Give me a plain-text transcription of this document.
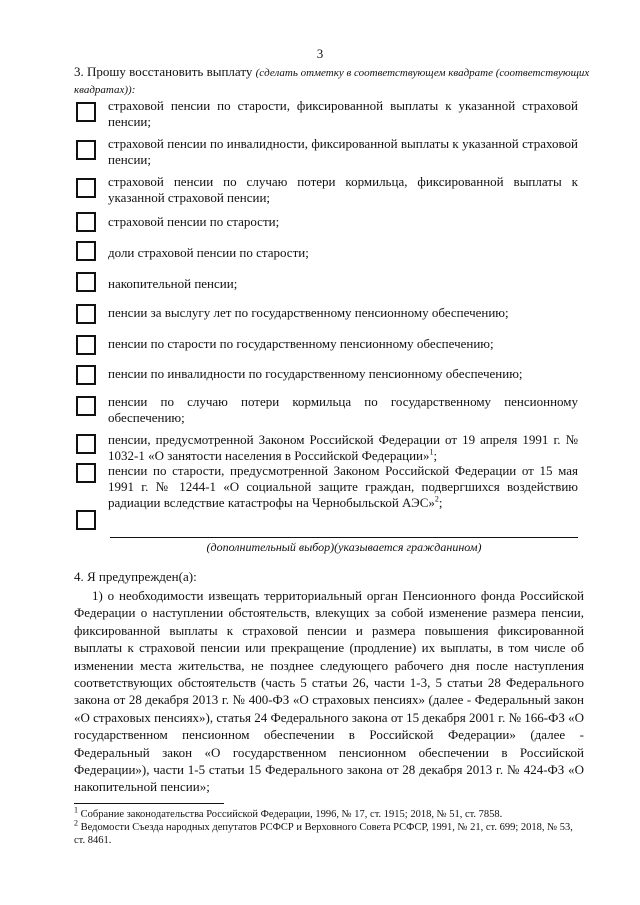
3
3. Прошу восстановить выплату (сделать отметку в соответствующем квадрате (соответствующих квадратах)):
страховой пенсии по старости, фиксированной выплаты к указанной страховой пенсии;
страховой пенсии по инвалидности, фиксированной выплаты к указанной страховой пенсии;
страховой пенсии по случаю потери кормильца, фиксированной выплаты к указанной страховой пенсии;
страховой пенсии по старости;
доли страховой пенсии по старости;
накопительной пенсии;
пенсии за выслугу лет по государственному пенсионному обеспечению;
пенсии по старости по государственному пенсионному обеспечению;
пенсии по инвалидности по государственному пенсионному обеспечению;
пенсии по случаю потери кормильца по государственному пенсионному обеспечению;
пенсии, предусмотренной Законом Российской Федерации от 19 апреля 1991 г. № 1032-1 «О занятости населения в Российской Федерации»$^1$;
пенсии по старости, предусмотренной Законом Российской Федерации от 15 мая 1991 г. № 1244-1 «О социальной защите граждан, подвергшихся воздействию радиации вследствие катастрофы на Чернобыльской АЭС»$^2$;
(дополнительный выбор)(указывается гражданином)
4. Я предупрежден(а):
1) о необходимости извещать территориальный орган Пенсионного фонда Российской Федерации о наступлении обстоятельств, влекущих за собой изменение размера пенсии, фиксированной выплаты к страховой пенсии и размера повышения фиксированной выплаты к страховой пенсии или прекращение (продление) их выплаты, в том числе об изменении места жительства, не позднее следующего рабочего дня после наступления соответствующих обстоятельств (часть 5 статьи 26, части 1-3, 5 статьи 28 Федерального закона от 28 декабря 2013 г. № 400-ФЗ «О страховых пенсиях» (далее - Федеральный закон «О страховых пенсиях»), статья 24 Федерального закона от 15 декабря 2001 г. № 166-ФЗ «О государственном пенсионном обеспечении в Российской Федерации» (далее - Федеральный закон «О государственном пенсионном обеспечении в Российской Федерации»), части 1-5 статьи 15 Федерального закона от 28 декабря 2013 г. № 424-ФЗ «О накопительной пенсии»;
$^1$ Собрание законодательства Российской Федерации, 1996, № 17, ст. 1915; 2018, № 51, ст. 7858.
$^2$ Ведомости Съезда народных депутатов РСФСР и Верховного Совета РСФСР, 1991, № 21, ст. 699; 2018, № 53, ст. 8461.
